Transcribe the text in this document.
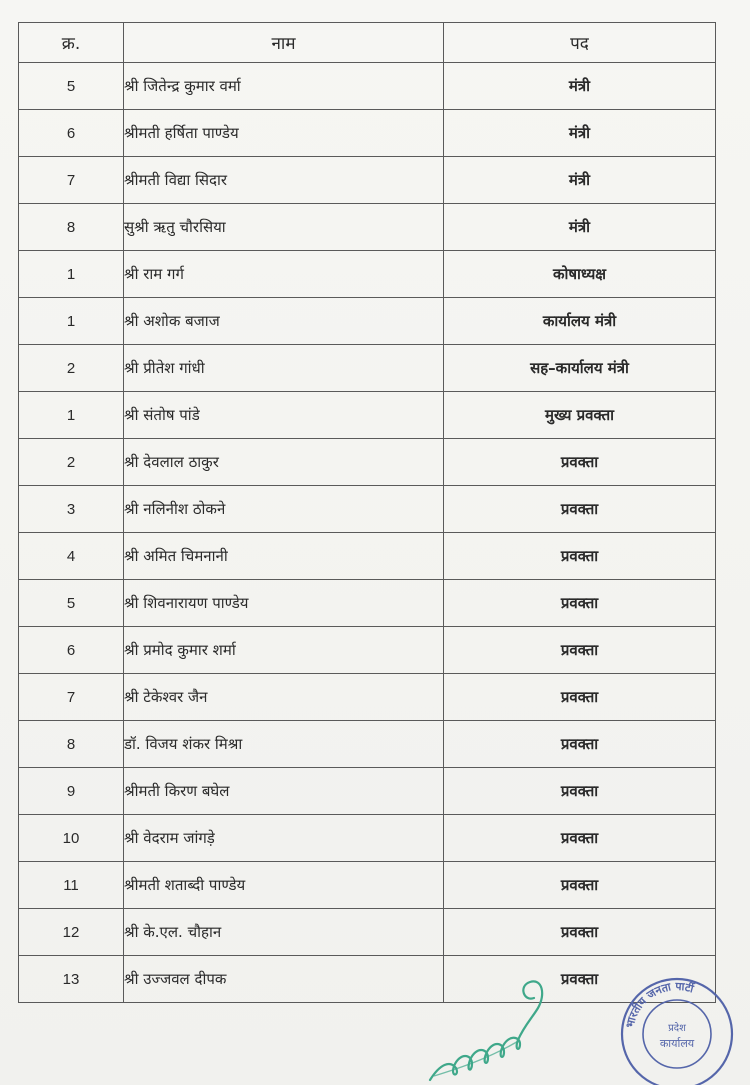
क्र.	नाम	पद
5	श्री जितेन्द्र कुमार वर्मा	मंत्री
6	श्रीमती हर्षिता पाण्डेय	मंत्री
7	श्रीमती विद्या सिदार	मंत्री
8	सुश्री ऋतु चौरसिया	मंत्री
1	श्री राम गर्ग	कोषाध्यक्ष
1	श्री अशोक बजाज	कार्यालय मंत्री
2	श्री प्रीतेश गांधी	सह–कार्यालय मंत्री
1	श्री संतोष पांडे	मुख्य प्रवक्ता
2	श्री देवलाल ठाकुर	प्रवक्ता
3	श्री नलिनीश ठोकने	प्रवक्ता
4	श्री अमित चिमनानी	प्रवक्ता
5	श्री शिवनारायण पाण्डेय	प्रवक्ता
6	श्री प्रमोद कुमार शर्मा	प्रवक्ता
7	श्री टेकेश्वर जैन	प्रवक्ता
8	डॉ. विजय शंकर मिश्रा	प्रवक्ता
9	श्रीमती किरण बघेल	प्रवक्ता
10	श्री वेदराम जांगड़े	प्रवक्ता
11	श्रीमती शताब्दी पाण्डेय	प्रवक्ता
12	श्री के.एल. चौहान	प्रवक्ता
13	श्री उज्जवल दीपक	प्रवक्ता
भारतीय जनता पार्टी
प्रदेश
कार्यालय
